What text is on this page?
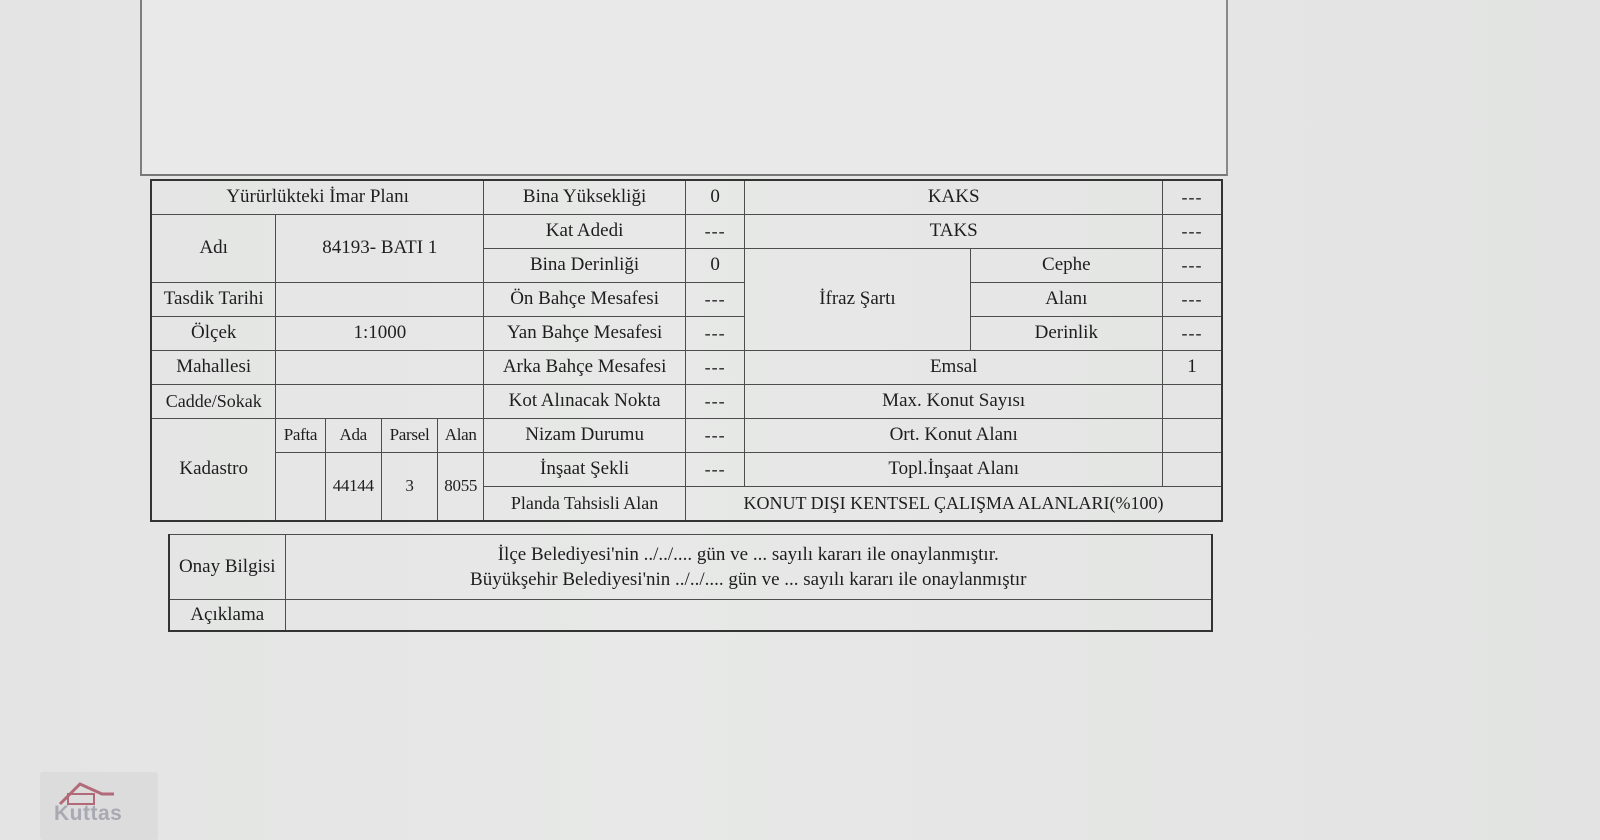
Yürürlükteki İmar Planı					Bina Yüksekliği	0	KAKS		---
Adı	84193- BATI 1				Kat Adedi	---	TAKS		---
					Bina Derinliği	0	İfraz Şartı	Cephe	---
Tasdik Tarihi					Ön Bahçe Mesafesi	---		Alanı	---
Ölçek	1:1000				Yan Bahçe Mesafesi	---		Derinlik	---
Mahallesi					Arka Bahçe Mesafesi	---	Emsal		1
Cadde/Sokak					Kot Alınacak Nokta	---	Max. Konut Sayısı		
Kadastro	Pafta	Ada	Parsel	Alan	Nizam Durumu	---	Ort. Konut Alanı		
		44144	3	8055	İnşaat Şekli	---	Topl.İnşaat Alanı		
					Planda Tahsisli Alan	KONUT DIŞI KENTSEL ÇALIŞMA ALANLARI(%100)			
Onay Bilgisi	İlçe Belediyesi'nin ../../.... gün ve ... sayılı kararı ile onaylanmıştır.
Büyükşehir Belediyesi'nin ../../.... gün ve ... sayılı kararı ile onaylanmıştır

Açıklama	
Kuttas
